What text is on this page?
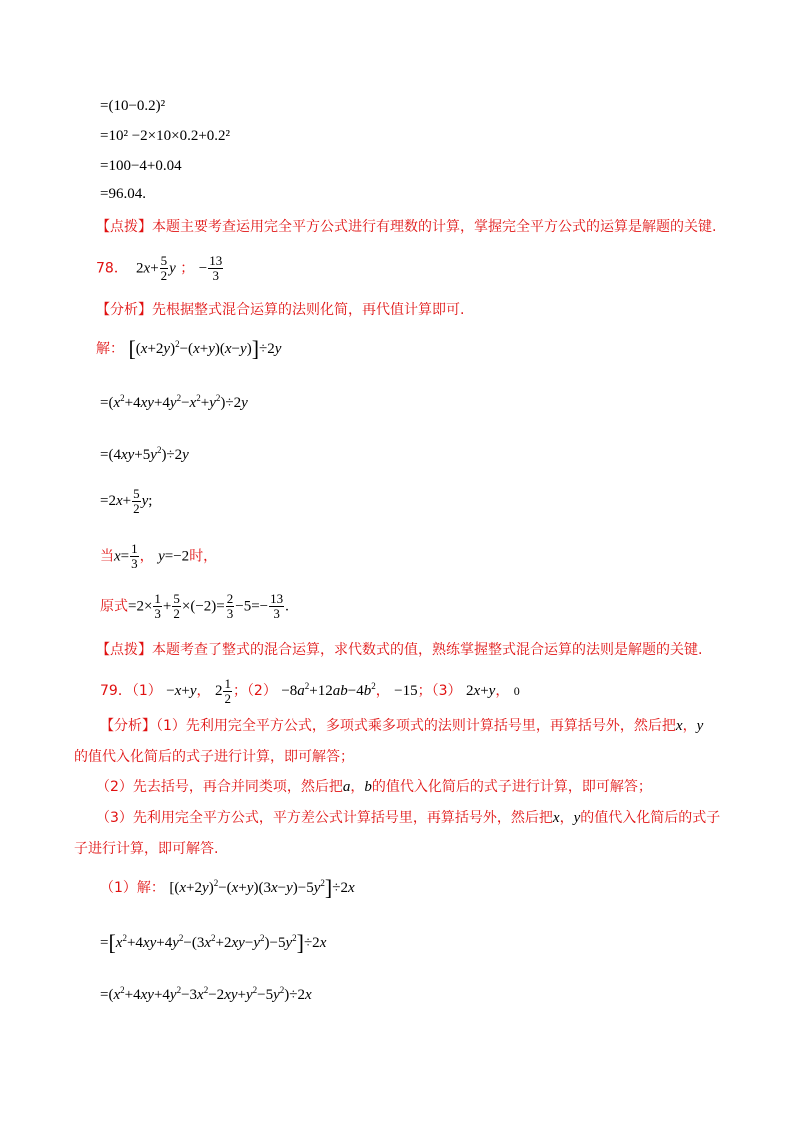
=(10−0.2)²
=10² −2×10×0.2+0.2²
=100−4+0.04
=96.04.
【点拨】本题主要考查运用完全平方公式进行有理数的计算，掌握完全平方公式的运算是解题的关键.
78．  $2x+ \frac{5}{2}$ y ； − $\frac{13}{3}$
【分析】先根据整式混合运算的法则化简，再代值计算即可.
解： $[(x+2y)^2-(x+y)(x-y)]\div 2y$
$=(x^2+4xy+4y^2-x^2+y^2)\div 2y$
$=(4xy+5y^2)\div 2y$
$=2x+ \frac{5}{2} y$;
当$x= \frac{1}{3}$ ， y=−2时，
原式$=2\times \frac{1}{3} + \frac{5}{2} \times(-2)= \frac{2}{3} -5=- \frac{13}{3}$ .
【点拨】本题考查了整式的混合运算，求代数式的值，熟练掌握整式混合运算的法则是解题的关键.
79．（1） −x+y， $2 \frac{1}{2}$ ；$(2) -8a^2+12ab-4b^2$， −15；（3） 2x+y， 0
【分析】（1）先利用完全平方公式，多项式乘多项式的法则计算括号里，再算括号外，然后把x，y
的值代入化简后的式子进行计算，即可解答；
（2）先去括号，再合并同类项，然后把a，b的值代入化简后的式子进行计算，即可解答；
（3）先利用完全平方公式，平方差公式计算括号里，再算括号外，然后把x，y的值代入化简后的式子
子进行计算，即可解答.
（1）解： $[(x+2y)^2-(x+y)(3x-y)-5y^2]\div 2x$
$=[x^2+4xy+4y^2-(3x^2+2xy-y^2)-5y^2]\div 2x$
$=(x^2+4xy+4y^2-3x^2-2xy+y^2-5y^2)\div 2x$
